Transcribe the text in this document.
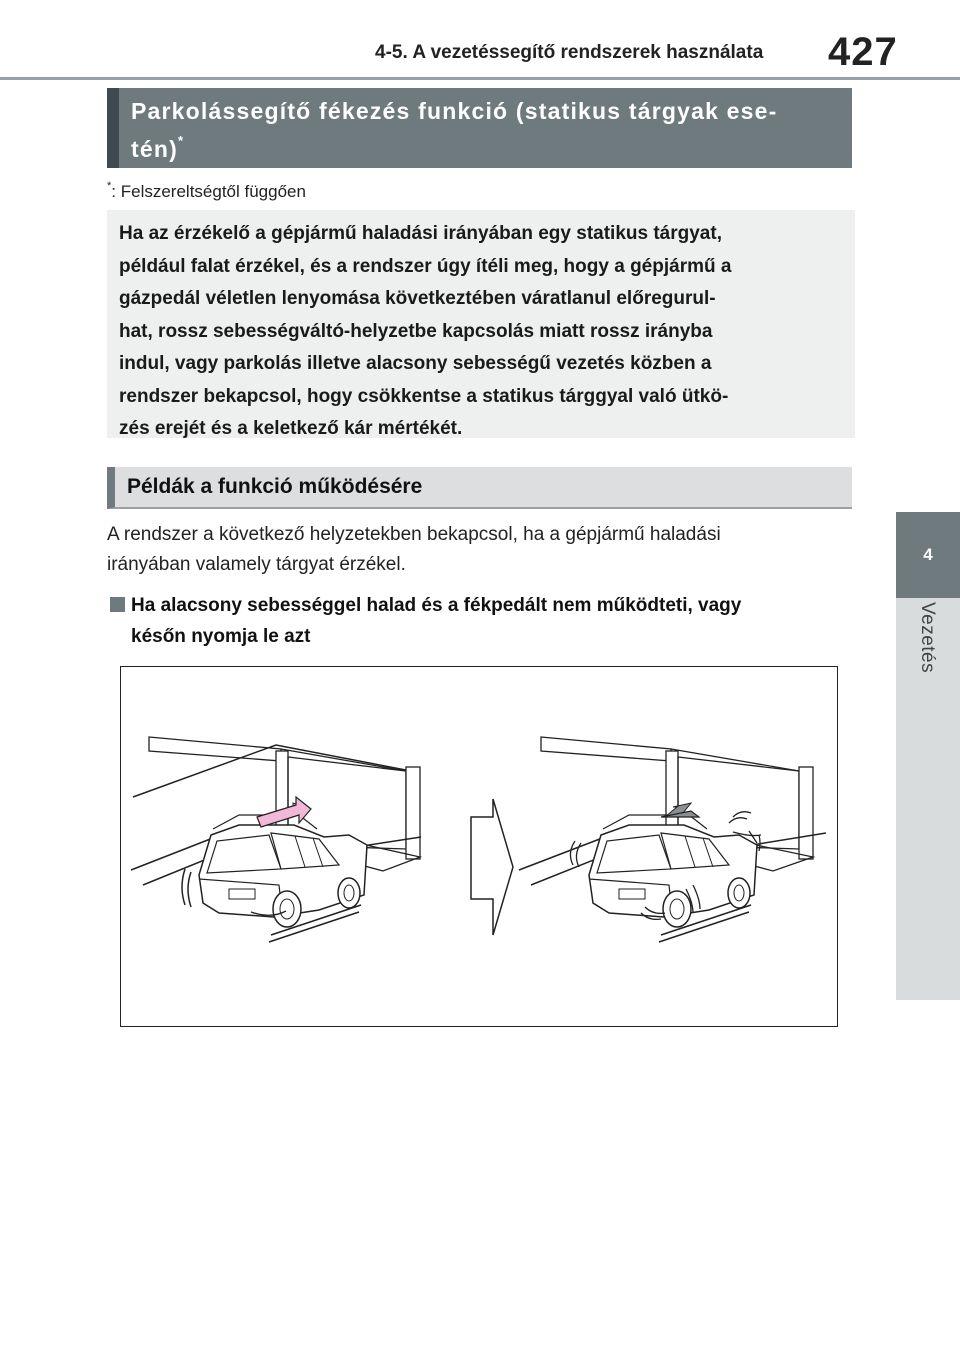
4-5. A vezetéssegítő rendszerek használata 427
4
Vezetés
Parkolássegítő fékezés funkció (statikus tárgyak ese-
tén)*
*: Felszereltségtől függően
Ha az érzékelő a gépjármű haladási irányában egy statikus tárgyat,
például falat érzékel, és a rendszer úgy ítéli meg, hogy a gépjármű a
gázpedál véletlen lenyomása következtében váratlanul előregurul-
hat, rossz sebességváltó-helyzetbe kapcsolás miatt rossz irányba
indul, vagy parkolás illetve alacsony sebességű vezetés közben a
rendszer bekapcsol, hogy csökkentse a statikus tárggyal való ütkö-
zés erejét és a keletkező kár mértékét.
Példák a funkció működésére
A rendszer a következő helyzetekben bekapcsol, ha a gépjármű haladási
irányában valamely tárgyat érzékel.
Ha alacsony sebességgel halad és a fékpedált nem működteti, vagy
későn nyomja le azt
